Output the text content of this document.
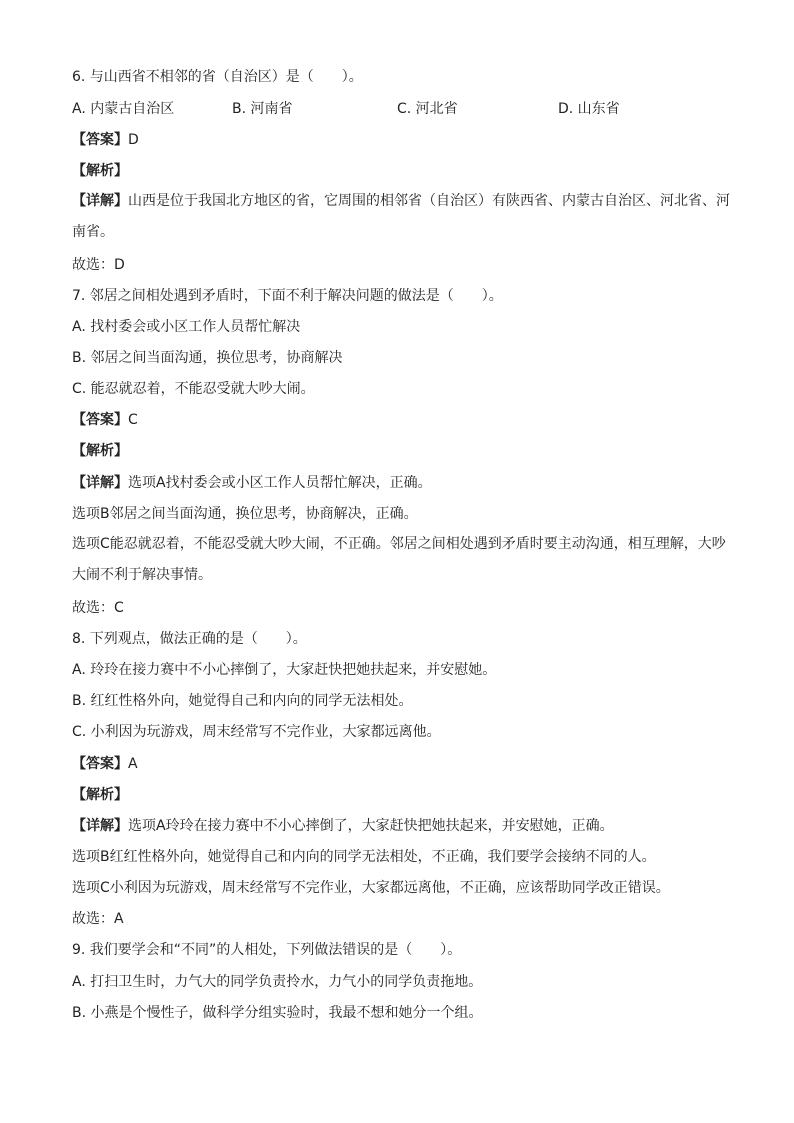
6. 与山西省不相邻的省（自治区）是（　　）。
A. 内蒙古自治区	B. 河南省	C. 河北省	D. 山东省
【答案】D
【解析】
【详解】山西是位于我国北方地区的省，它周围的相邻省（自治区）有陕西省、内蒙古自治区、河北省、河南省。
故选：D
7. 邻居之间相处遇到矛盾时，下面不利于解决问题的做法是（　　）。
A. 找村委会或小区工作人员帮忙解决
B. 邻居之间当面沟通，换位思考，协商解决
C. 能忍就忍着，不能忍受就大吵大闹。
【答案】C
【解析】
【详解】选项A找村委会或小区工作人员帮忙解决，正确。
选项B邻居之间当面沟通，换位思考，协商解决，正确。
选项C能忍就忍着，不能忍受就大吵大闹，不正确。邻居之间相处遇到矛盾时要主动沟通，相互理解，大吵大闹不利于解决事情。
故选：C
8. 下列观点，做法正确的是（　　）。
A. 玲玲在接力赛中不小心摔倒了，大家赶快把她扶起来，并安慰她。
B. 红红性格外向，她觉得自己和内向的同学无法相处。
C. 小利因为玩游戏，周末经常写不完作业，大家都远离他。
【答案】A
【解析】
【详解】选项A玲玲在接力赛中不小心摔倒了，大家赶快把她扶起来，并安慰她，正确。
选项B红红性格外向，她觉得自己和内向的同学无法相处，不正确，我们要学会接纳不同的人。
选项C小利因为玩游戏，周末经常写不完作业，大家都远离他，不正确，应该帮助同学改正错误。
故选：A
9. 我们要学会和“不同”的人相处，下列做法错误的是（　　）。
A. 打扫卫生时，力气大的同学负责拎水，力气小的同学负责拖地。
B. 小燕是个慢性子，做科学分组实验时，我最不想和她分一个组。
